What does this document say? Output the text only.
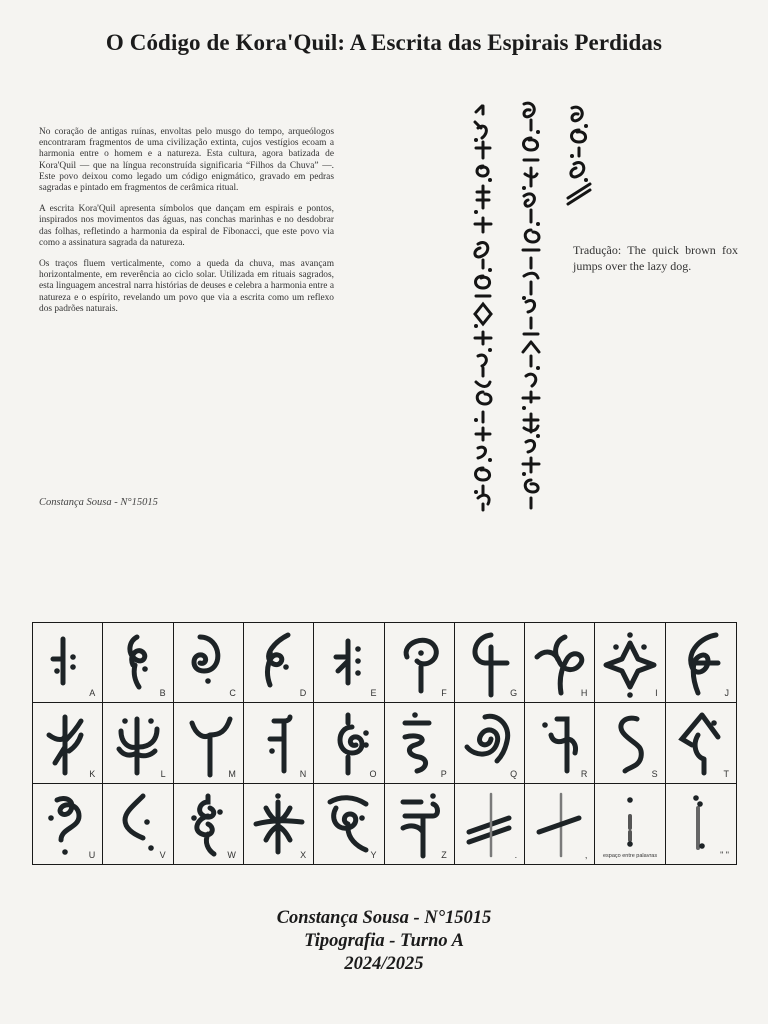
O Código de Kora'Quil: A Escrita das Espirais Perdidas

No coração de antigas ruínas, envoltas pelo musgo do tempo, arqueólogos encontraram fragmentos de uma civilização extinta, cujos vestígios ecoam a harmonia entre o homem e a natureza. Esta cultura, agora batizada de Kora'Quil — que na língua reconstruída significaria “Filhos da Chuva” —. Este povo deixou como legado um código enigmático, gravado em pedras sagradas e pintado em fragmentos de cerâmica ritual.

A escrita Kora'Quil apresenta símbolos que dançam em espirais e pontos, inspirados nos movimentos das águas, nas conchas marinhas e no desdobrar das folhas, refletindo a harmonia da espiral de Fibonacci, que este povo via como a assinatura sagrada da natureza.

Os traços fluem verticalmente, como a queda da chuva, mas avançam horizontalmente, em reverência ao ciclo solar. Utilizada em rituais sagrados, esta linguagem ancestral narra histórias de deuses e celebra a harmonia entre a natureza e o espírito, revelando um povo que via a escrita como um reflexo dos padrões naturais.

Constança Sousa - N°15015
Tradução: The quick brown fox jumps over the lazy dog.
A	B	C	D	E	F	G	H	I	J
K	L	M	N	O	P	Q	R	S	T
U	V	W	X	Y	Z	.	,	espaço entre palavras	" "
Constança Sousa - N°15015
Tipografia - Turno A
2024/2025
